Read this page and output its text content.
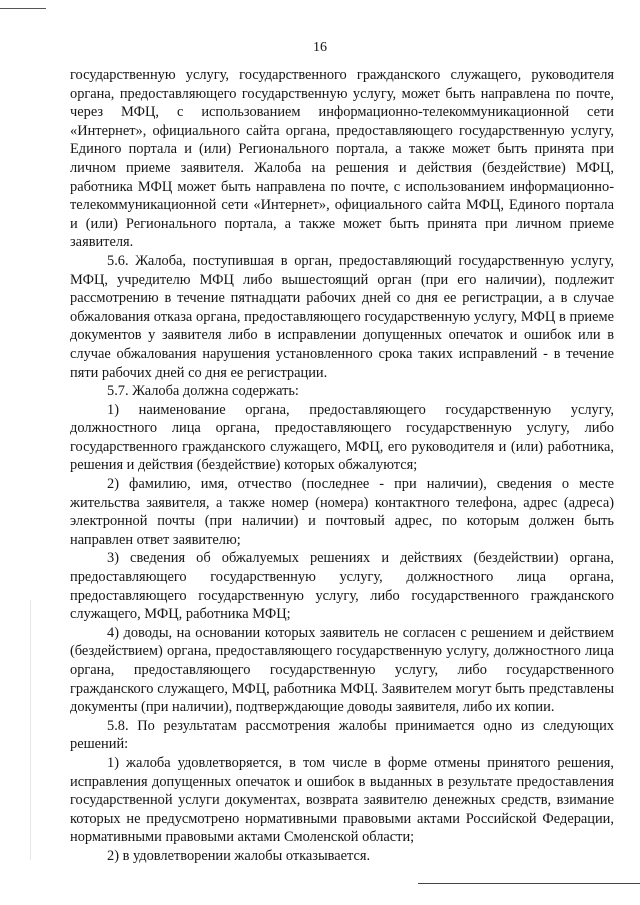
16

государственную услугу, государственного гражданского служащего, руководителя органа, предоставляющего государственную услугу, может быть направлена по почте, через МФЦ, с использованием информационно-телекоммуникационной сети «Интернет», официального сайта органа, предоставляющего государственную услугу, Единого портала и (или) Регионального портала, а также может быть принята при личном приеме заявителя. Жалоба на решения и действия (бездействие) МФЦ, работника МФЦ может быть направлена по почте, с использованием информационно-телекоммуникационной сети «Интернет», официального сайта МФЦ, Единого портала и (или) Регионального портала, а также может быть принята при личном приеме заявителя.

5.6. Жалоба, поступившая в орган, предоставляющий государственную услугу, МФЦ, учредителю МФЦ либо вышестоящий орган (при его наличии), подлежит рассмотрению в течение пятнадцати рабочих дней со дня ее регистрации, а в случае обжалования отказа органа, предоставляющего государственную услугу, МФЦ в приеме документов у заявителя либо в исправлении допущенных опечаток и ошибок или в случае обжалования нарушения установленного срока таких исправлений - в течение пяти рабочих дней со дня ее регистрации.

5.7. Жалоба должна содержать:

1) наименование органа, предоставляющего государственную услугу, должностного лица органа, предоставляющего государственную услугу, либо государственного гражданского служащего, МФЦ, его руководителя и (или) работника, решения и действия (бездействие) которых обжалуются;

2) фамилию, имя, отчество (последнее - при наличии), сведения о месте жительства заявителя, а также номер (номера) контактного телефона, адрес (адреса) электронной почты (при наличии) и почтовый адрес, по которым должен быть направлен ответ заявителю;

3) сведения об обжалуемых решениях и действиях (бездействии) органа, предоставляющего государственную услугу, должностного лица органа, предоставляющего государственную услугу, либо государственного гражданского служащего, МФЦ, работника МФЦ;

4) доводы, на основании которых заявитель не согласен с решением и действием (бездействием) органа, предоставляющего государственную услугу, должностного лица органа, предоставляющего государственную услугу, либо государственного гражданского служащего, МФЦ, работника МФЦ. Заявителем могут быть представлены документы (при наличии), подтверждающие доводы заявителя, либо их копии.

5.8. По результатам рассмотрения жалобы принимается одно из следующих решений:

1) жалоба удовлетворяется, в том числе в форме отмены принятого решения, исправления допущенных опечаток и ошибок в выданных в результате предоставления государственной услуги документах, возврата заявителю денежных средств, взимание которых не предусмотрено нормативными правовыми актами Российской Федерации, нормативными правовыми актами Смоленской области;

2) в удовлетворении жалобы отказывается.
